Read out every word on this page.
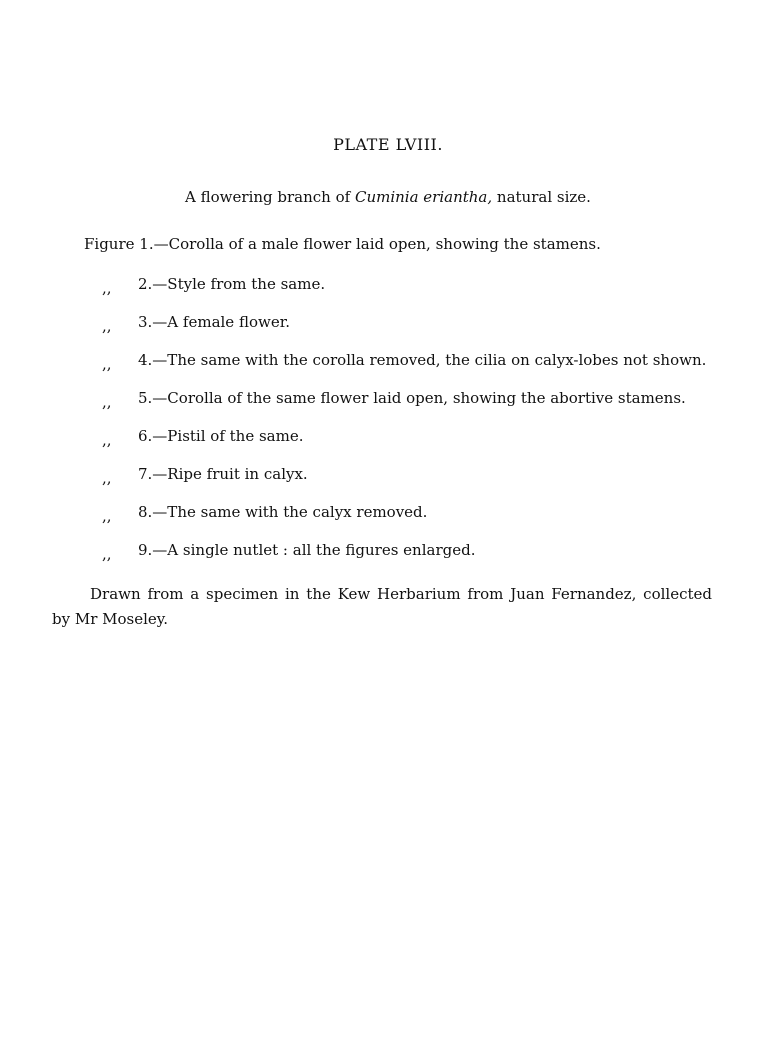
PLATE LVIII.
A flowering branch of Cuminia eriantha, natural size.
Figure 1.—Corolla of a male flower laid open, showing the stamens.
,, 2.—Style from the same.
,, 3.—A female flower.
,, 4.—The same with the corolla removed, the cilia on calyx-lobes not shown.
,, 5.—Corolla of the same flower laid open, showing the abortive stamens.
,, 6.—Pistil of the same.
,, 7.—Ripe fruit in calyx.
,, 8.—The same with the calyx removed.
,, 9.—A single nutlet : all the figures enlarged.
Drawn from a specimen in the Kew Herbarium from Juan Fernandez, collected by Mr Moseley.
